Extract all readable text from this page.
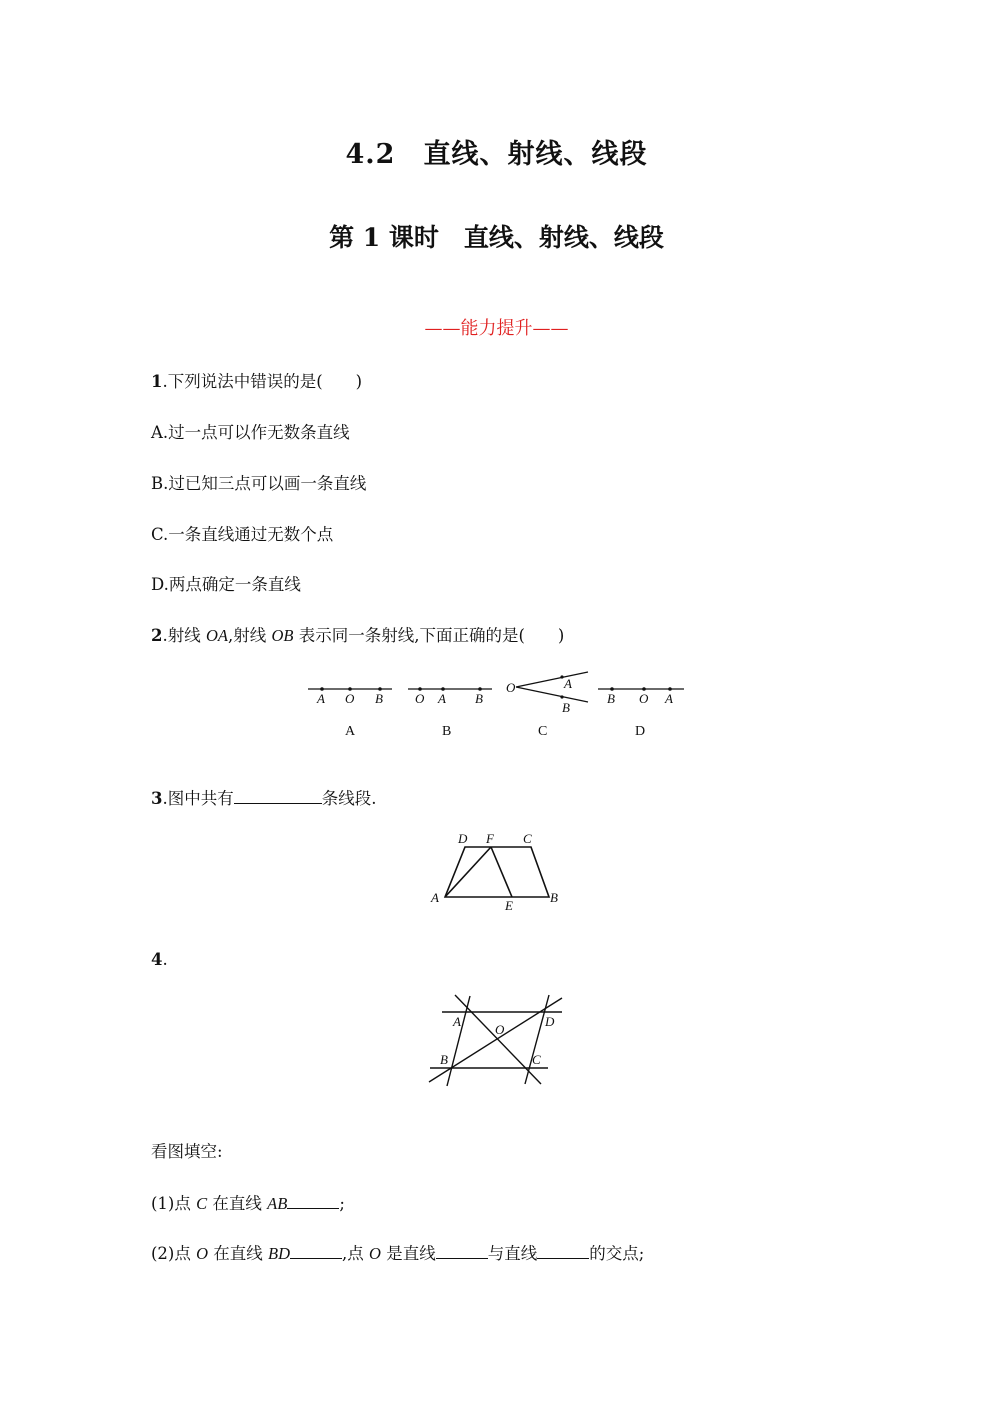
4.2　直线、射线、线段
第 1 课时　直线、射线、线段
——能力提升——
1.下列说法中错误的是(　　)
A.过一点可以作无数条直线
B.过已知三点可以画一条直线
C.一条直线通过无数个点
D.两点确定一条直线
2.射线 OA,射线 OB 表示同一条射线,下面正确的是(　　)
A O B
A
O A B
B
O	A
B
C
B O A
D
3.图中共有	条线段.
D F C
A
E
B
4.
A
O
D
B	C
看图填空:
(1)点 C 在直线 AB	;
(2)点 O 在直线 BD	,点 O 是直线	与直线	的交点;
